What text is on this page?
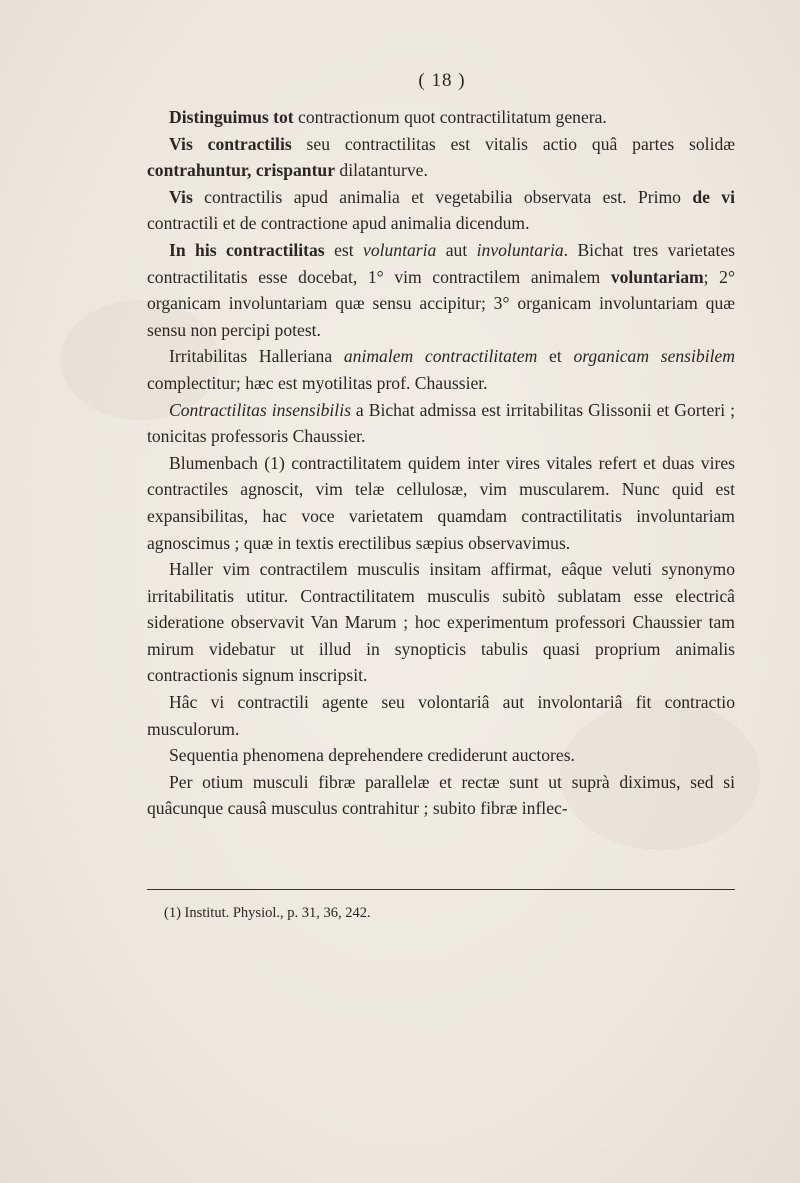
( 18 )

Distinguimus tot contractionum quot contractilitatum genera.

Vis contractilis seu contractilitas est vitalis actio quâ partes solidæ contrahuntur, crispantur dilatanturve.

Vis contractilis apud animalia et vegetabilia observata est. Primo de vi contractili et de contractione apud animalia dicendum.

In his contractilitas est voluntaria aut involuntaria. Bichat tres varietates contractilitatis esse docebat, 1° vim contractilem animalem voluntariam; 2° organicam involuntariam quæ sensu accipitur; 3° organicam involuntariam quæ sensu non percipi potest.

Irritabilitas Halleriana animalem contractilitatem et organicam sensibilem complectitur; hæc est myotilitas prof. Chaussier.

Contractilitas insensibilis a Bichat admissa est irritabilitas Glissonii et Gorteri ; tonicitas professoris Chaussier.

Blumenbach (1) contractilitatem quidem inter vires vitales refert et duas vires contractiles agnoscit, vim telæ cellulosæ, vim muscularem. Nunc quid est expansibilitas, hac voce varietatem quamdam contractilitatis involuntariam agnoscimus ; quæ in textis erectilibus sæpius observavimus.

Haller vim contractilem musculis insitam affirmat, eâque veluti synonymo irritabilitatis utitur. Contractilitatem musculis subitò sublatam esse electricâ sideratione observavit Van Marum ; hoc experimentum professori Chaussier tam mirum videbatur ut illud in synopticis tabulis quasi proprium animalis contractionis signum inscripsit.

Hâc vi contractili agente seu volontariâ aut involontariâ fit contractio musculorum.

Sequentia phenomena deprehendere crediderunt auctores.

Per otium musculi fibræ parallelæ et rectæ sunt ut suprà diximus, sed si quâcunque causâ musculus contrahitur ; subito fibræ inflec-

(1) Institut. Physiol., p. 31, 36, 242.
